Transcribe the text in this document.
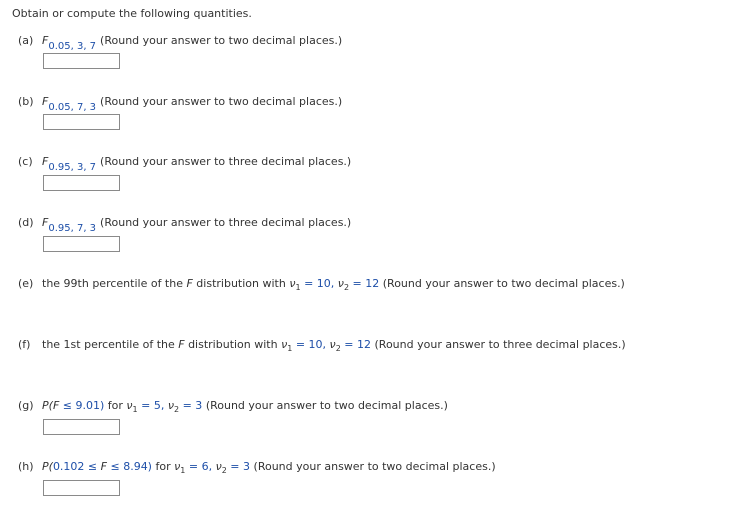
Obtain or compute the following quantities.
(a) F0.05, 3, 7 (Round your answer to two decimal places.)
(b) F0.05, 7, 3 (Round your answer to two decimal places.)
(c) F0.95, 3, 7 (Round your answer to three decimal places.)
(d) F0.95, 7, 3 (Round your answer to three decimal places.)
(e) the 99th percentile of the F distribution with $\nu_1 = 10$, $\nu_2 = 12$ (Round your answer to two decimal places.)
(f) the 1st percentile of the F distribution with $\nu_1 = 10$, $\nu_2 = 12$ (Round your answer to three decimal places.)
(g) P(F ≤ 9.01) for $\nu_1 = 5$, $\nu_2 = 3$ (Round your answer to two decimal places.)
(h) P(0.102 ≤ F ≤ 8.94) for $\nu_1 = 6$, $\nu_2 = 3$ (Round your answer to two decimal places.)
